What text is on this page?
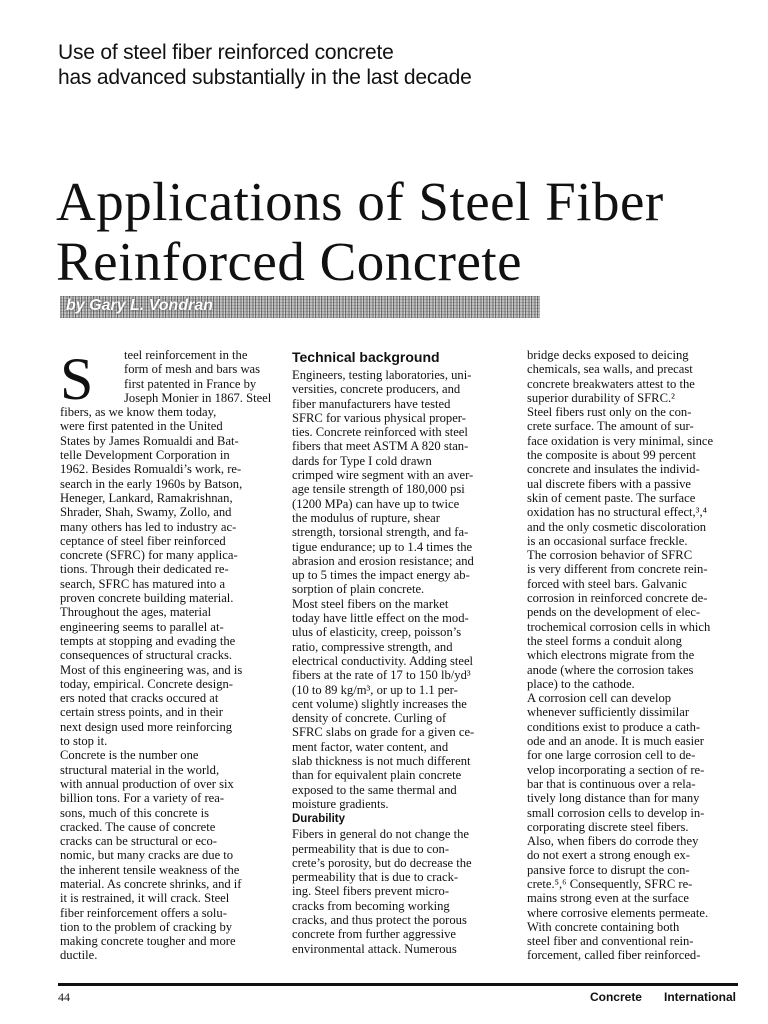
Use of steel fiber reinforced concrete
has advanced substantially in the last decade
Applications of Steel Fiber
Reinforced Concrete
by Gary L. Vondran
S	teel reinforcement in the
form of mesh and bars was
first patented in France by
Joseph Monier in 1867. Steel
fibers, as we know them today,
were first patented in the United
States by James Romualdi and Bat-
telle Development Corporation in
1962. Besides Romualdi’s work, re-
search in the early 1960s by Batson,
Heneger, Lankard, Ramakrishnan,
Shrader, Shah, Swamy, Zollo, and
many others has led to industry ac-
ceptance of steel fiber reinforced
concrete (SFRC) for many applica-
tions. Through their dedicated re-
search, SFRC has matured into a
proven concrete building material.
Throughout the ages, material
engineering seems to parallel at-
tempts at stopping and evading the
consequences of structural cracks.
Most of this engineering was, and is
today, empirical. Concrete design-
ers noted that cracks occured at
certain stress points, and in their
next design used more reinforcing
to stop it.
Concrete is the number one
structural material in the world,
with annual production of over six
billion tons. For a variety of rea-
sons, much of this concrete is
cracked. The cause of concrete
cracks can be structural or eco-
nomic, but many cracks are due to
the inherent tensile weakness of the
material. As concrete shrinks, and if
it is restrained, it will crack. Steel
fiber reinforcement offers a solu-
tion to the problem of cracking by
making concrete tougher and more
ductile.
Technical background
Engineers, testing laboratories, uni-
versities, concrete producers, and
fiber manufacturers have tested
SFRC for various physical proper-
ties. Concrete reinforced with steel
fibers that meet ASTM A 820 stan-
dards for Type I cold drawn
crimped wire segment with an aver-
age tensile strength of 180,000 psi
(1200 MPa) can have up to twice
the modulus of rupture, shear
strength, torsional strength, and fa-
tigue endurance; up to 1.4 times the
abrasion and erosion resistance; and
up to 5 times the impact energy ab-
sorption of plain concrete.
Most steel fibers on the market
today have little effect on the mod-
ulus of elasticity, creep, poisson’s
ratio, compressive strength, and
electrical conductivity. Adding steel
fibers at the rate of 17 to 150 lb/yd³
(10 to 89 kg/m³, or up to 1.1 per-
cent volume) slightly increases the
density of concrete. Curling of
SFRC slabs on grade for a given ce-
ment factor, water content, and
slab thickness is not much different
than for equivalent plain concrete
exposed to the same thermal and
moisture gradients.
Durability
Fibers in general do not change the
permeability that is due to con-
crete’s porosity, but do decrease the
permeability that is due to crack-
ing. Steel fibers prevent micro-
cracks from becoming working
cracks, and thus protect the porous
concrete from further aggressive
environmental attack. Numerous
bridge decks exposed to deicing
chemicals, sea walls, and precast
concrete breakwaters attest to the
superior durability of SFRC.²
Steel fibers rust only on the con-
crete surface. The amount of sur-
face oxidation is very minimal, since
the composite is about 99 percent
concrete and insulates the individ-
ual discrete fibers with a passive
skin of cement paste. The surface
oxidation has no structural effect,³,⁴
and the only cosmetic discoloration
is an occasional surface freckle.
The corrosion behavior of SFRC
is very different from concrete rein-
forced with steel bars. Galvanic
corrosion in reinforced concrete de-
pends on the development of elec-
trochemical corrosion cells in which
the steel forms a conduit along
which electrons migrate from the
anode (where the corrosion takes
place) to the cathode.
A corrosion cell can develop
whenever sufficiently dissimilar
conditions exist to produce a cath-
ode and an anode. It is much easier
for one large corrosion cell to de-
velop incorporating a section of re-
bar that is continuous over a rela-
tively long distance than for many
small corrosion cells to develop in-
corporating discrete steel fibers.
Also, when fibers do corrode they
do not exert a strong enough ex-
pansive force to disrupt the con-
crete.⁵,⁶ Consequently, SFRC re-
mains strong even at the surface
where corrosive elements permeate.
With concrete containing both
steel fiber and conventional rein-
forcement, called fiber reinforced-
44	Concrete International
